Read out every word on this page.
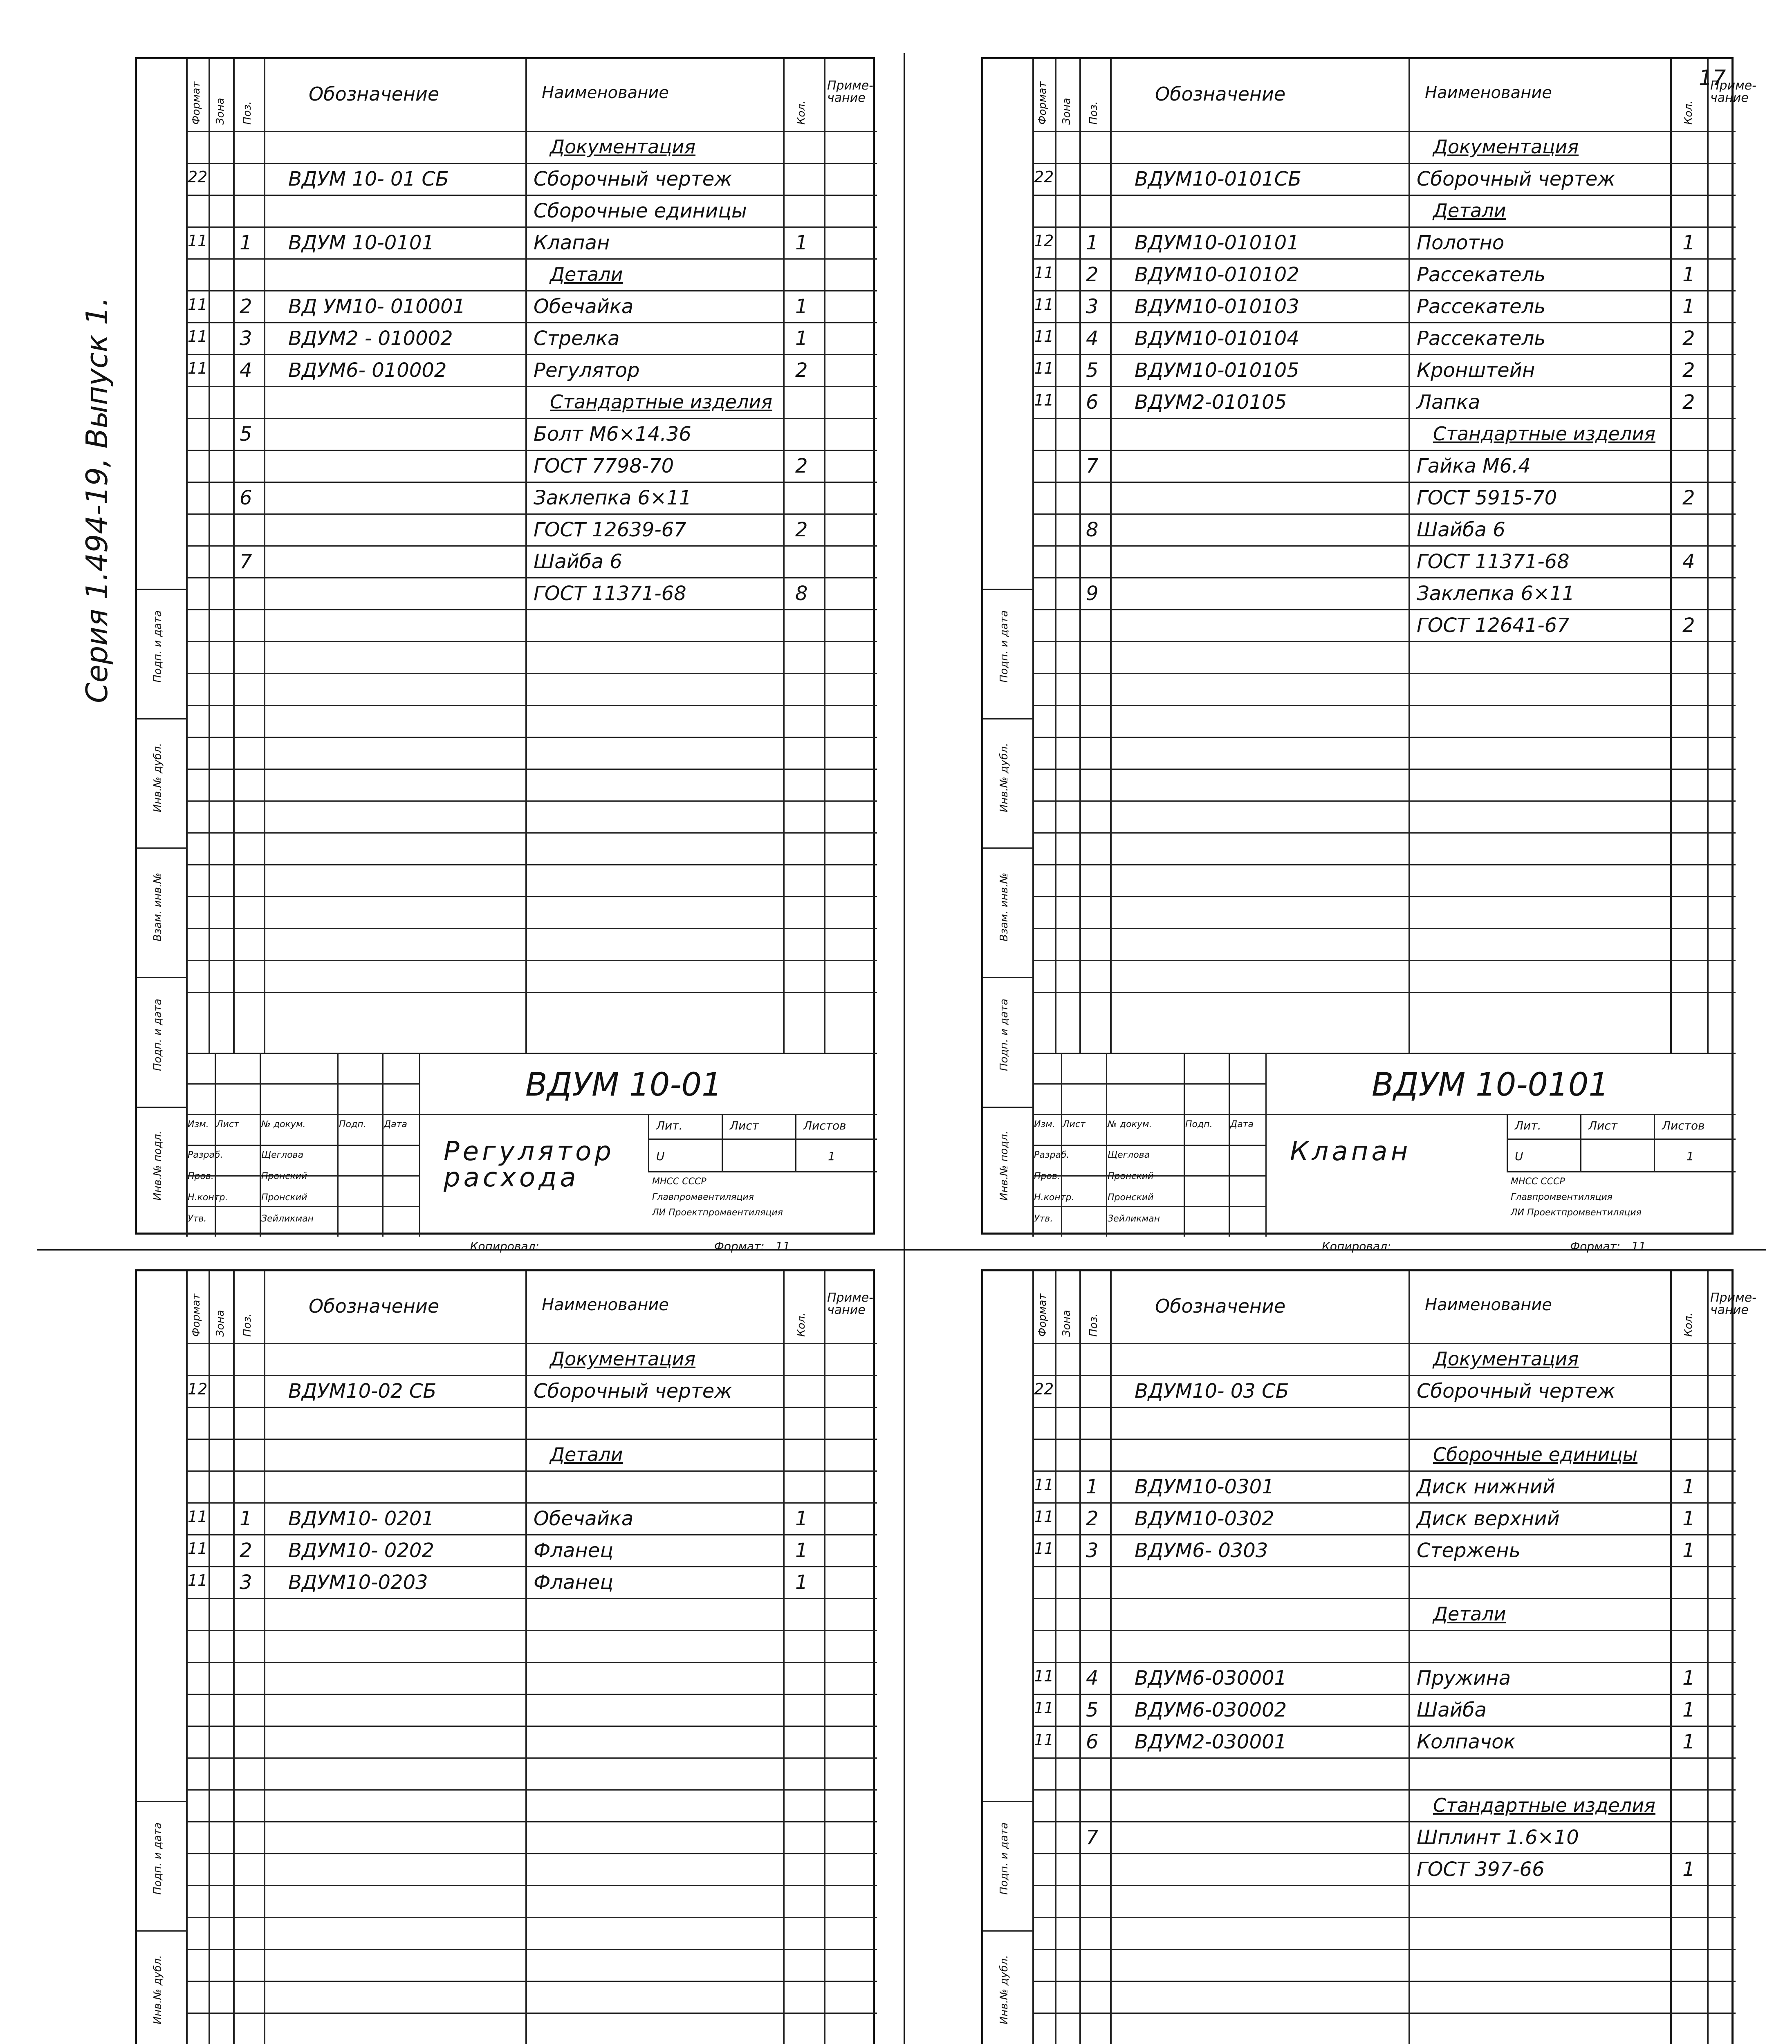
Серия 1.494-19, Выпуск 1.	Подп. и дата
Инв.№ дубл.
Взам. инв.№
Подп. и дата
Инв.№ подл.
Формат Зона Поз.
Обозначение	Наименование
Кол.
Приме-чание
Документация
22	ВДУМ 10- 01 СБ	Сборочный чертеж
Сборочные единицы
11 1 ВДУМ 10-0101	Клапан	1
Детали
11 2 ВД УМ10- 010001	Обечайка	1
11 3 ВДУМ2 - 010002	Стрелка	1
11 4 ВДУМ6- 010002	Регулятор	2
Стандартные изделия
5	Болт М6×14.36
ГОСТ 7798-70	2
6	Заклепка 6×11
ГОСТ 12639-67	2
7	Шайба 6
ГОСТ 11371-68	8
Изм. Лист № докум.	Подп. Дата
Разраб.	Щеглова
Пров.	Пронский
Н.контр.	Пронский
Утв.	Зейликман
ВДУМ 10-01
Регулятор расхода
Лит.	Лист	Листов
U	1
МНСС СССР
Главпромвентиляция
ЛИ Проектпромвентиляция
Копировал:	Формат: 11
Подп. и дата
Инв.№ дубл.
Взам. инв.№
Подп. и дата
Инв.№ подл.
Формат Зона Поз.
Обозначение	Наименование
Кол.
Приме-чание
17
Документация
22	ВДУМ10-0101СБ	Сборочный чертеж
Детали
12 1 ВДУМ10-010101	Полотно	1
11 2 ВДУМ10-010102	Рассекатель	1
11 3 ВДУМ10-010103	Рассекатель	1
11 4 ВДУМ10-010104	Рассекатель	2
11 5 ВДУМ10-010105	Кронштейн	2
11 6 ВДУМ2-010105	Лапка	2
Стандартные изделия
7	Гайка М6.4
ГОСТ 5915-70	2
8	Шайба 6
ГОСТ 11371-68	4
9	Заклепка 6×11
ГОСТ 12641-67	2
Изм. Лист № докум.	Подп. Дата
Разраб.	Щеглова
Пров.	Пронский
Н.контр.	Пронский
Утв.	Зейликман
ВДУМ 10-0101
Клапан
Лит.	Лист	Листов
U	1
МНСС СССР
Главпромвентиляция
ЛИ Проектпромвентиляция
Копировал:	Формат: 11
Подп. и дата
Инв.№ дубл.
Формат Зона Поз.
Обозначение	Наименование
Кол.
Приме-чание
Документация
12	ВДУМ10-02 СБ	Сборочный чертеж
Детали
11 1 ВДУМ10- 0201	Обечайка	1
11 2 ВДУМ10- 0202	Фланец	1
11 3 ВДУМ10-0203	Фланец	1
Подп. и дата
Инв.№ дубл.
Формат Зона Поз.
Обозначение	Наименование
Кол.
Приме-чание
Документация
22	ВДУМ10- 03 СБ	Сборочный чертеж
Сборочные единицы
11 1 ВДУМ10-0301	Диск нижний	1
11 2 ВДУМ10-0302	Диск верхний	1
11 3 ВДУМ6- 0303	Стержень	1
Детали
11 4 ВДУМ6-030001	Пружина	1
11 5 ВДУМ6-030002	Шайба	1
11 6 ВДУМ2-030001	Колпачок	1
Стандартные изделия
7	Шплинт 1.6×10
ГОСТ 397-66	1
